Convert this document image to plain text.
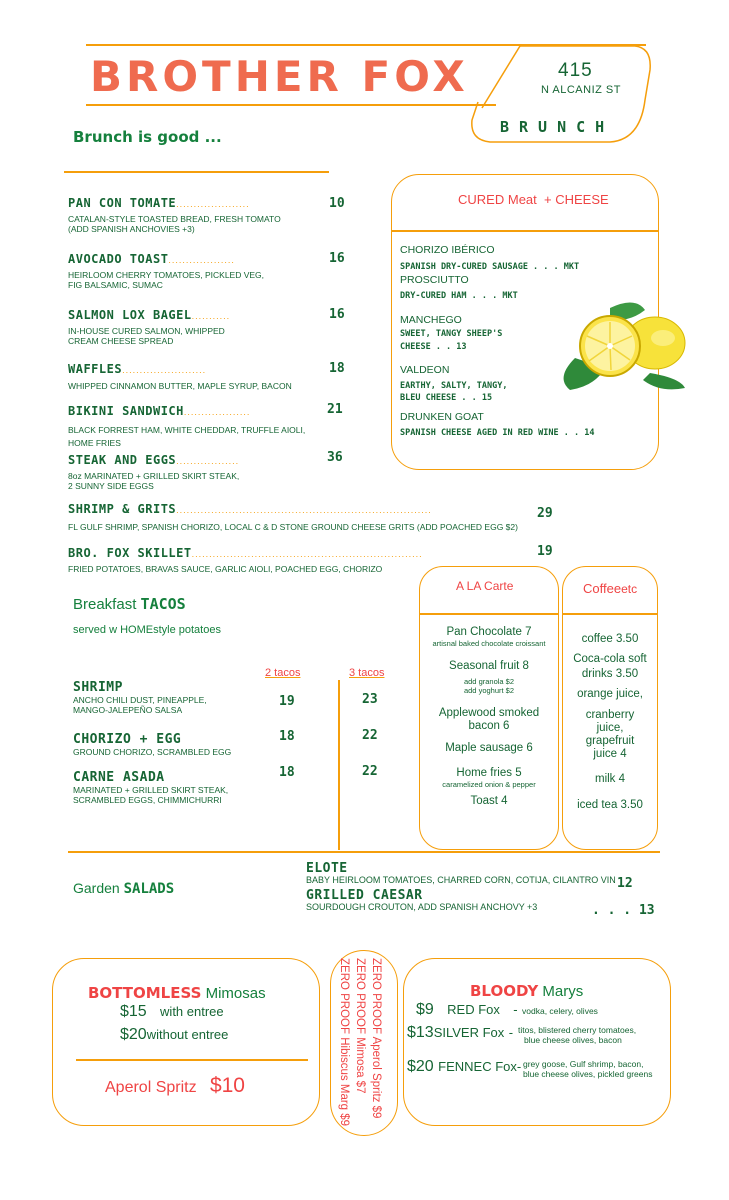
BROTHER FOX	415
N ALCANIZ ST
BRUNCH
Brunch is good ...
PAN CON TOMATE.....................
CATALAN-STYLE TOASTED BREAD, FRESH TOMATO
(ADD SPANISH ANCHOVIES +3)
10
AVOCADO TOAST...................
HEIRLOOM CHERRY TOMATOES, PICKLED VEG,
FIG BALSAMIC, SUMAC
16
SALMON LOX BAGEL...........
IN-HOUSE CURED SALMON, WHIPPED
CREAM CHEESE SPREAD
16
WAFFLES........................
WHIPPED CINNAMON BUTTER, MAPLE SYRUP, BACON
18
BIKINI SANDWICH...................
BLACK FORREST HAM, WHITE CHEDDAR, TRUFFLE AIOLI,
HOME FRIES
21
STEAK AND EGGS..................
8oz MARINATED + GRILLED SKIRT STEAK,
2 SUNNY SIDE EGGS
36
CURED Meat + CHEESE
CHORIZO IBÉRICO
SPANISH DRY-CURED SAUSAGE . . . MKT
PROSCIUTTO
DRY-CURED HAM . . . MKT
MANCHEGO
SWEET, TANGY SHEEP'S
CHEESE . . 13
VALDEON
EARTHY, SALTY, TANGY,
BLEU CHEESE . . 15
DRUNKEN GOAT
SPANISH CHEESE AGED IN RED WINE . . 14
SHRIMP & GRITS.........................................................................
FL GULF SHRIMP, SPANISH CHORIZO, LOCAL C & D STONE GROUND CHEESE GRITS (ADD POACHED EGG $2)
29
BRO. FOX SKILLET..................................................................
FRIED POTATOES, BRAVAS SAUCE, GARLIC AIOLI, POACHED EGG, CHORIZO
19
Breakfast TACOS
served w HOMEstyle potatoes
2 tacos	3 tacos
SHRIMP
ANCHO CHILI DUST, PINEAPPLE,
MANGO-JALEPEÑO SALSA
19	23
CHORIZO + EGG
GROUND CHORIZO, SCRAMBLED EGG
18	22
CARNE ASADA
MARINATED + GRILLED SKIRT STEAK,
SCRAMBLED EGGS, CHIMMICHURRI
18	22
A LA Carte
Pan Chocolate 7
artisnal baked chocolate croissant
Seasonal fruit 8
add granola $2
add yoghurt $2
Applewood smoked
bacon 6
Maple sausage 6
Home fries 5
caramelized onion & pepper
Toast 4
Coffeeetc
coffee 3.50
Coca-cola soft
drinks 3.50
orange juice,
cranberry
juice,
grapefruit
juice 4
milk 4
iced tea 3.50
Garden SALADS
ELOTE
BABY HEIRLOOM TOMATOES, CHARRED CORN, COTIJA, CILANTRO VIN 12
GRILLED CAESAR
SOURDOUGH CROUTON, ADD SPANISH ANCHOVY +3	. . . 13
BOTTOMLESS Mimosas
$15 with entree
$20without entree
Aperol Spritz $10	ZERO PROOF Aperol Spritz $9
ZERO PROOF Mimosa $7
ZERO PROOF Hibiscus Marg $9	BLOODY Marys
$9 RED Fox - vodka, celery, olives
$13SILVER Fox - titos, blistered cherry tomatoes,
blue cheese olives, bacon
$20 FENNEC Fox- grey goose, Gulf shrimp, bacon,
blue cheese olives, pickled greens
